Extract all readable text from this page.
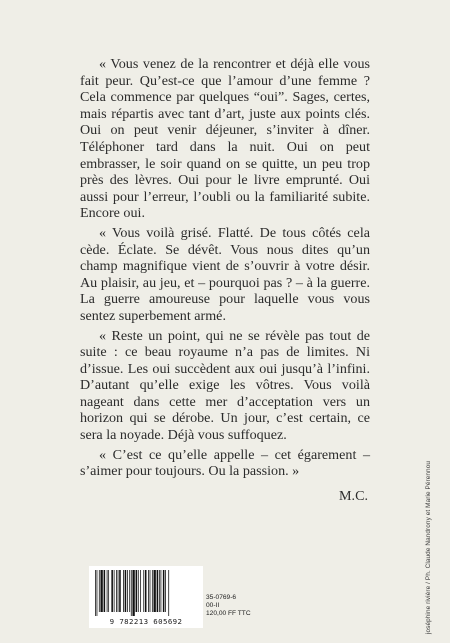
« Vous venez de la rencontrer et déjà elle vous fait peur. Qu’est-ce que l’amour d’une femme ? Cela commence par quelques “oui”. Sages, certes, mais répartis avec tant d’art, juste aux points clés. Oui on peut venir déjeuner, s’inviter à dîner. Téléphoner tard dans la nuit. Oui on peut embrasser, le soir quand on se quitte, un peu trop près des lèvres. Oui pour le livre emprunté. Oui aussi pour l’erreur, l’oubli ou la familiarité subite. Encore oui.

« Vous voilà grisé. Flatté. De tous côtés cela cède. Éclate. Se dévêt. Vous nous dites qu’un champ magnifique vient de s’ouvrir à votre désir. Au plaisir, au jeu, et – pourquoi pas ? – à la guerre. La guerre amoureuse pour laquelle vous vous sentez superbement armé.

« Reste un point, qui ne se révèle pas tout de suite : ce beau royaume n’a pas de limites. Ni d’issue. Les oui succèdent aux oui jusqu’à l’infini. D’autant qu’elle exige les vôtres. Vous voilà nageant dans cette mer d’acceptation vers un horizon qui se dérobe. Un jour, c’est certain, ce sera la noyade. Déjà vous suffoquez.

« C’est ce qu’elle appelle – cet égarement – s’aimer pour toujours. Ou la passion. »

M.C.	joséphine rivière / Ph. Claude Nandrony et Marie Pérennou
9 782213 605692
35-0769-6
00-II
120,00 FF TTC
